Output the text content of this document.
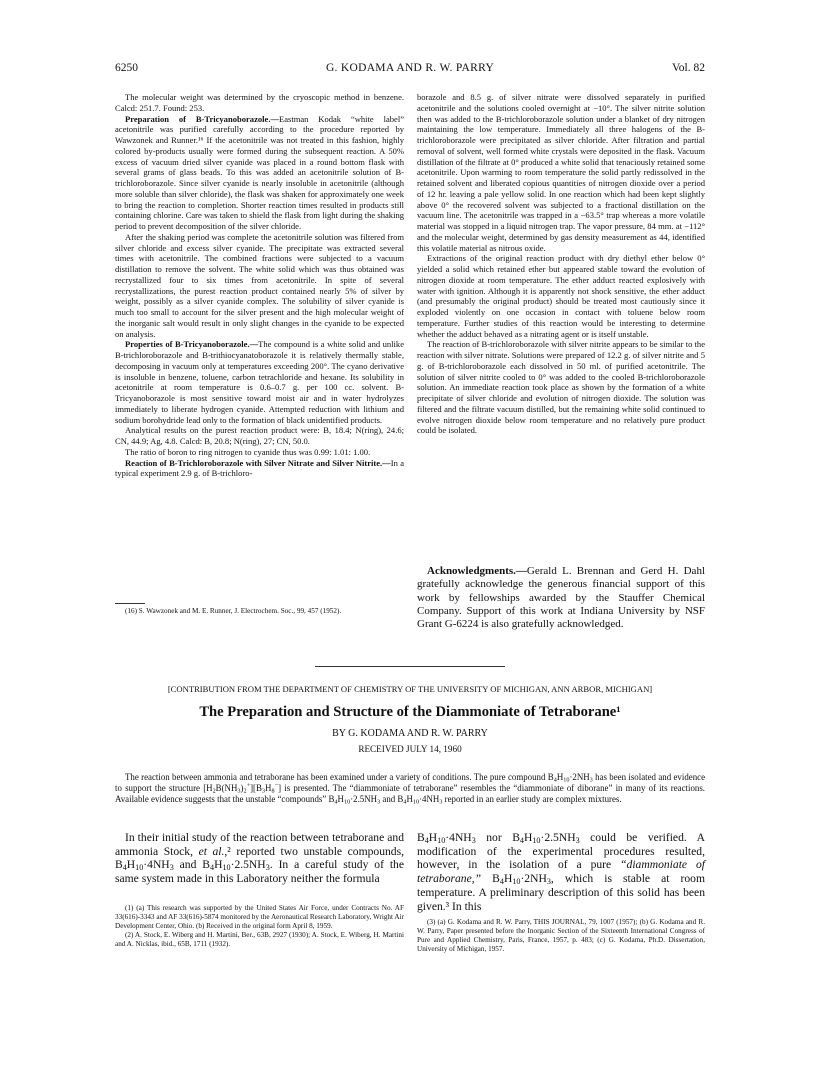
6250	G. KODAMA AND R. W. PARRY	Vol. 82

The molecular weight was determined by the cryoscopic method in benzene. Calcd: 251.7. Found: 253.

Preparation of B-Tricyanoborazole.—Eastman Kodak “white label” acetonitrile was purified carefully according to the procedure reported by Wawzonek and Runner.¹⁶ If the acetonitrile was not treated in this fashion, highly colored by-products usually were formed during the subsequent reaction. A 50% excess of vacuum dried silver cyanide was placed in a round bottom flask with several grams of glass beads. To this was added an acetonitrile solution of B-trichloroborazole. Since silver cyanide is nearly insoluble in acetonitrile (although more soluble than silver chloride), the flask was shaken for approximately one week to bring the reaction to completion. Shorter reaction times resulted in products still containing chlorine. Care was taken to shield the flask from light during the shaking period to prevent decomposition of the silver chloride.

After the shaking period was complete the acetonitrile solution was filtered from silver chloride and excess silver cyanide. The precipitate was extracted several times with acetonitrile. The combined fractions were subjected to a vacuum distillation to remove the solvent. The white solid which was thus obtained was recrystallized four to six times from acetonitrile. In spite of several recrystallizations, the purest reaction product contained nearly 5% of silver by weight, possibly as a silver cyanide complex. The solubility of silver cyanide is much too small to account for the silver present and the high molecular weight of the inorganic salt would result in only slight changes in the cyanide to be expected on analysis.

Properties of B-Tricyanoborazole.—The compound is a white solid and unlike B-trichloroborazole and B-trithiocyanatoborazole it is relatively thermally stable, decomposing in vacuum only at temperatures exceeding 200°. The cyano derivative is insoluble in benzene, toluene, carbon tetrachloride and hexane. Its solubility in acetonitrile at room temperature is 0.6–0.7 g. per 100 cc. solvent. B-Tricyanoborazole is most sensitive toward moist air and in water hydrolyzes immediately to liberate hydrogen cyanide. Attempted reduction with lithium and sodium borohydride lead only to the formation of black unidentified products.

Analytical results on the purest reaction product were: B, 18.4; N(ring), 24.6; CN, 44.9; Ag, 4.8. Calcd: B, 20.8; N(ring), 27; CN, 50.0.

The ratio of boron to ring nitrogen to cyanide thus was 0.99: 1.01: 1.00.

Reaction of B-Trichloroborazole with Silver Nitrate and Silver Nitrite.—In a typical experiment 2.9 g. of B-trichloro-

(16) S. Wawzonek and M. E. Runner, J. Electrochem. Soc., 99, 457 (1952).

borazole and 8.5 g. of silver nitrate were dissolved separately in purified acetonitrile and the solutions cooled overnight at −10°. The silver nitrite solution then was added to the B-trichloroborazole solution under a blanket of dry nitrogen maintaining the low temperature. Immediately all three halogens of the B-trichloroborazole were precipitated as silver chloride. After filtration and partial removal of solvent, well formed white crystals were deposited in the flask. Vacuum distillation of the filtrate at 0° produced a white solid that tenaciously retained some acetonitrile. Upon warming to room temperature the solid partly redissolved in the retained solvent and liberated copious quantities of nitrogen dioxide over a period of 12 hr. leaving a pale yellow solid. In one reaction which had been kept slightly above 0° the recovered solvent was subjected to a fractional distillation on the vacuum line. The acetonitrile was trapped in a −63.5° trap whereas a more volatile material was stopped in a liquid nitrogen trap. The vapor pressure, 84 mm. at −112° and the molecular weight, determined by gas density measurement as 44, identified this volatile material as nitrous oxide.

Extractions of the original reaction product with dry diethyl ether below 0° yielded a solid which retained ether but appeared stable toward the evolution of nitrogen dioxide at room temperature. The ether adduct reacted explosively with water with ignition. Although it is apparently not shock sensitive, the ether adduct (and presumably the original product) should be treated most cautiously since it exploded violently on one occasion in contact with toluene below room temperature. Further studies of this reaction would be interesting to determine whether the adduct behaved as a nitrating agent or is itself unstable.

The reaction of B-trichloroborazole with silver nitrite appears to be similar to the reaction with silver nitrate. Solutions were prepared of 12.2 g. of silver nitrite and 5 g. of B-trichloroborazole each dissolved in 50 ml. of purified acetonitrile. The solution of silver nitrite cooled to 0° was added to the cooled B-trichloroborazole solution. An immediate reaction took place as shown by the formation of a white precipitate of silver chloride and evolution of nitrogen dioxide. The solution was filtered and the filtrate vacuum distilled, but the remaining white solid continued to evolve nitrogen dioxide below room temperature and no relatively pure product could be isolated.

Acknowledgments.—Gerald L. Brennan and Gerd H. Dahl gratefully acknowledge the generous financial support of this work by fellowships awarded by the Stauffer Chemical Company. Support of this work at Indiana University by NSF Grant G-6224 is also gratefully acknowledged.

[CONTRIBUTION FROM THE DEPARTMENT OF CHEMISTRY OF THE UNIVERSITY OF MICHIGAN, ANN ARBOR, MICHIGAN]
The Preparation and Structure of the Diammoniate of Tetraborane¹
BY G. KODAMA AND R. W. PARRY
RECEIVED JULY 14, 1960
The reaction between ammonia and tetraborane has been examined under a variety of conditions. The pure compound $B_4H_{10}\cdot 2NH_3$ has been isolated and evidence to support the structure $[H_2B(NH_3)_2^+][B_3H_8^-]$ is presented. The “diammoniate of tetraborane” resembles the “diammoniate of diborane” in many of its reactions. Available evidence suggests that the unstable “compounds” $B_4H_{10}\cdot 2.5NH_3$ and $B_4H_{10}\cdot 4NH_3$ reported in an earlier study are complex mixtures.

In their initial study of the reaction between tetraborane and ammonia Stock, et al.,² reported two unstable compounds, $B_4H_{10}\cdot 4NH_3$ and $B_4H_{10}\cdot 2.5NH_3$. In a careful study of the same system made in this Laboratory neither the formula

(1) (a) This research was supported by the United States Air Force, under Contracts No. AF 33(616)-3343 and AF 33(616)-5874 monitored by the Aeronautical Research Laboratory, Wright Air Development Center, Ohio. (b) Received in the original form April 8, 1959.

(2) A. Stock, E. Wiberg and H. Martini, Ber., 63B, 2927 (1930); A. Stock, E. Wiberg, H. Martini and A. Nicklas, ibid., 65B, 1711 (1932).

$B_4H_{10}\cdot 4NH_3$ nor $B_4H_{10}\cdot 2.5NH_3$ could be verified. A modification of the experimental procedures resulted, however, in the isolation of a pure “diammoniate of tetraborane,” $B_4H_{10}\cdot 2NH_3$, which is stable at room temperature. A preliminary description of this solid has been given.³ In this

(3) (a) G. Kodama and R. W. Parry, THIS JOURNAL, 79, 1007 (1957); (b) G. Kodama and R. W. Parry, Paper presented before the Inorganic Section of the Sixteenth International Congress of Pure and Applied Chemistry, Paris, France, 1957, p. 483; (c) G. Kodama, Ph.D. Dissertation, University of Michigan, 1957.
